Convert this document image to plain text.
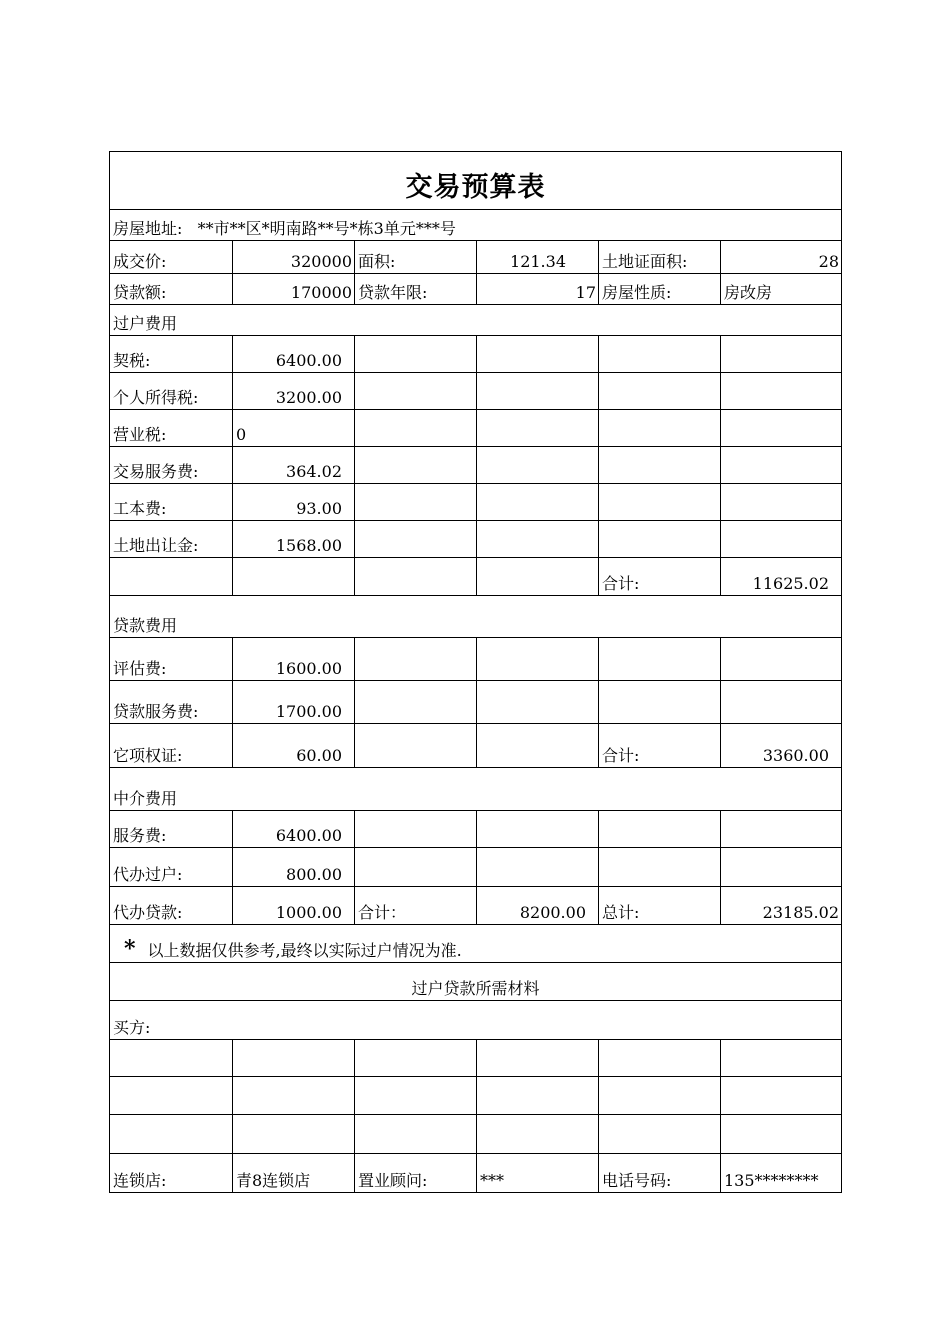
交易预算表
房屋地址: **市**区*明南路**号*栋3单元***号
成交价:	320000 面积:	121.34 土地证面积:	28
贷款额:	170000 贷款年限:	17 房屋性质:	房改房
过户费用
契税:	6400.00
个人所得税:	3200.00
营业税:	0
交易服务费:	364.02
工本费:	93.00
土地出让金:	1568.00
合计:	11625.02
贷款费用
评估费:	1600.00
贷款服务费:	1700.00
它项权证:	60.00	合计:	3360.00
中介费用
服务费:	6400.00
代办过户:	800.00
代办贷款:	1000.00 合计：	8200.00 总计:	23185.02
* 以上数据仅供参考,最终以实际过户情况为准.
过户贷款所需材料
买方:
连锁店:	青8连锁店	置业顾问:	***	电话号码:	135********
